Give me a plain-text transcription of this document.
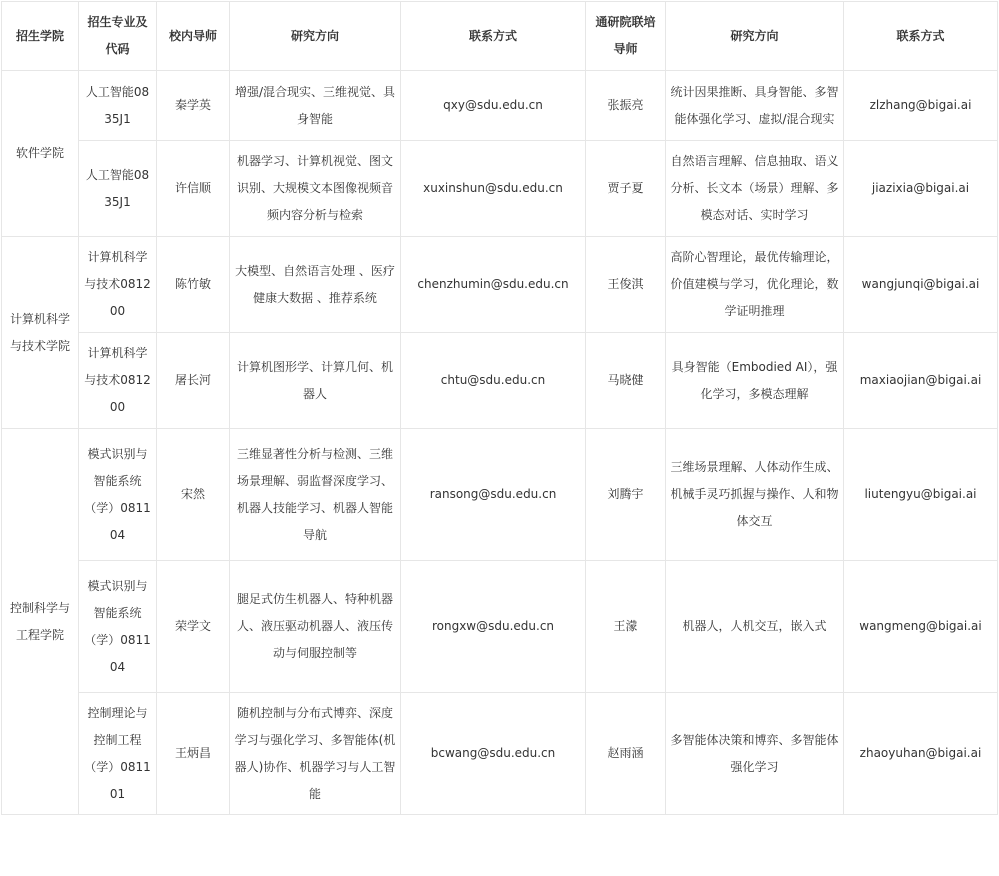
招生学院	招生专业及代码	校内导师	研究方向	联系方式	通研院联培导师	研究方向	联系方式
软件学院	人工智能0835J1	秦学英	增强/混合现实、三维视觉、具身智能	qxy@sdu.edu.cn	张振亮	统计因果推断、具身智能、多智能体强化学习、虚拟/混合现实	zlzhang@bigai.ai
	人工智能0835J1	许信顺	机器学习、计算机视觉、图文识别、大规模文本图像视频音频内容分析与检索	xuxinshun@sdu.edu.cn	贾子夏	自然语言理解、信息抽取、语义分析、长文本（场景）理解、多模态对话、实时学习	jiazixia@bigai.ai
计算机科学与技术学院	计算机科学与技术081200	陈竹敏	大模型、自然语言处理 、医疗健康大数据 、推荐系统	chenzhumin@sdu.edu.cn	王俊淇	高阶心智理论，最优传输理论，价值建模与学习，优化理论，数学证明推理	wangjunqi@bigai.ai
	计算机科学与技术081200	屠长河	计算机图形学、计算几何、机器人	chtu@sdu.edu.cn	马晓健	具身智能（Embodied AI），强化学习，多模态理解	maxiaojian@bigai.ai
控制科学与工程学院	模式识别与智能系统（学）081104	宋然	三维显著性分析与检测、三维场景理解、弱监督深度学习、机器人技能学习、机器人智能导航	ransong@sdu.edu.cn	刘腾宇	三维场景理解、人体动作生成、机械手灵巧抓握与操作、人和物体交互	liutengyu@bigai.ai
	模式识别与智能系统（学）081104	荣学文	腿足式仿生机器人、特种机器人、液压驱动机器人、液压传动与伺服控制等	rongxw@sdu.edu.cn	王濛	机器人，人机交互，嵌入式	wangmeng@bigai.ai
	控制理论与控制工程（学）081101	王炳昌	随机控制与分布式博弈、深度学习与强化学习、多智能体(机器人)协作、机器学习与人工智能	bcwang@sdu.edu.cn	赵雨涵	多智能体决策和博弈、多智能体强化学习	zhaoyuhan@bigai.ai
